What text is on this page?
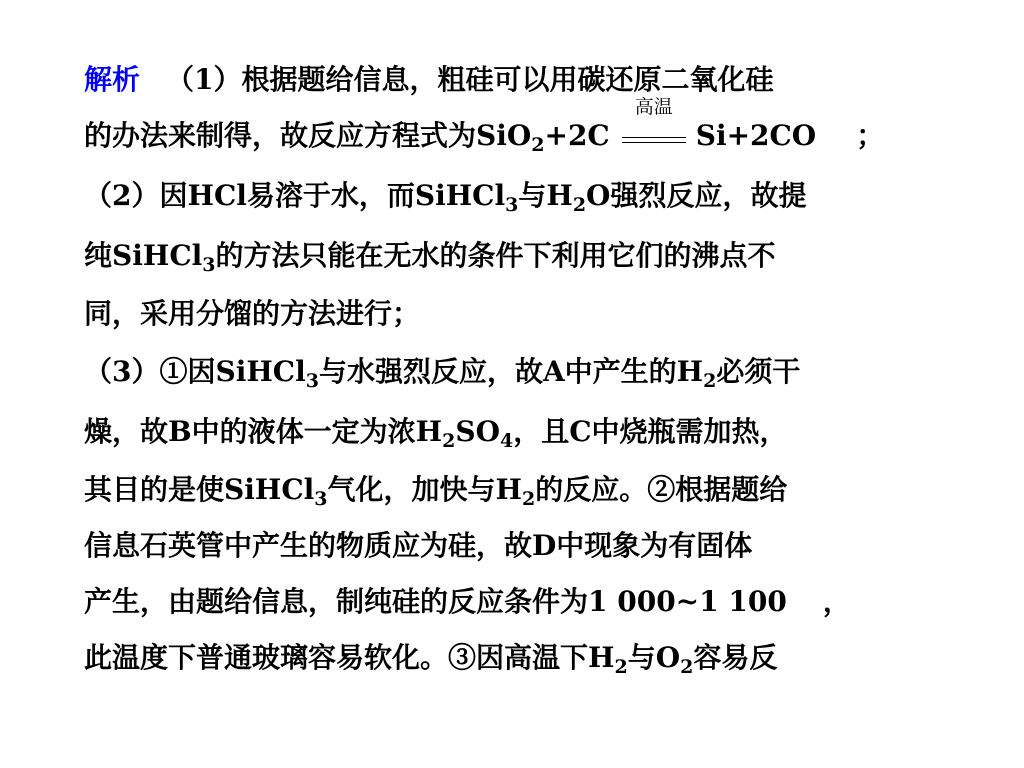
解析 （1）根据题给信息，粗硅可以用碳还原二氧化硅
的办法来制得，故反应方程式为SiO$_2$+2C
高温
Si+2CO ；
（2）因HCl易溶于水，而SiHCl$_3$与$H_2O$强烈反应，故提
纯SiHCl$_3$的方法只能在无水的条件下利用它们的沸点不
同，采用分馏的方法进行；
（3）①因SiHCl$_3$与水强烈反应，故A中产生的$H_2$必须干
燥，故B中的液体一定为浓$H_2SO_4$，且C中烧瓶需加热，
其目的是使SiHCl$_3$气化，加快与$H_2$的反应。②根据题给
信息石英管中产生的物质应为硅，故D中现象为有固体
产生，由题给信息，制纯硅的反应条件为1 000~1 100 ，
此温度下普通玻璃容易软化。③因高温下$H_2$与$O_2$容易反
